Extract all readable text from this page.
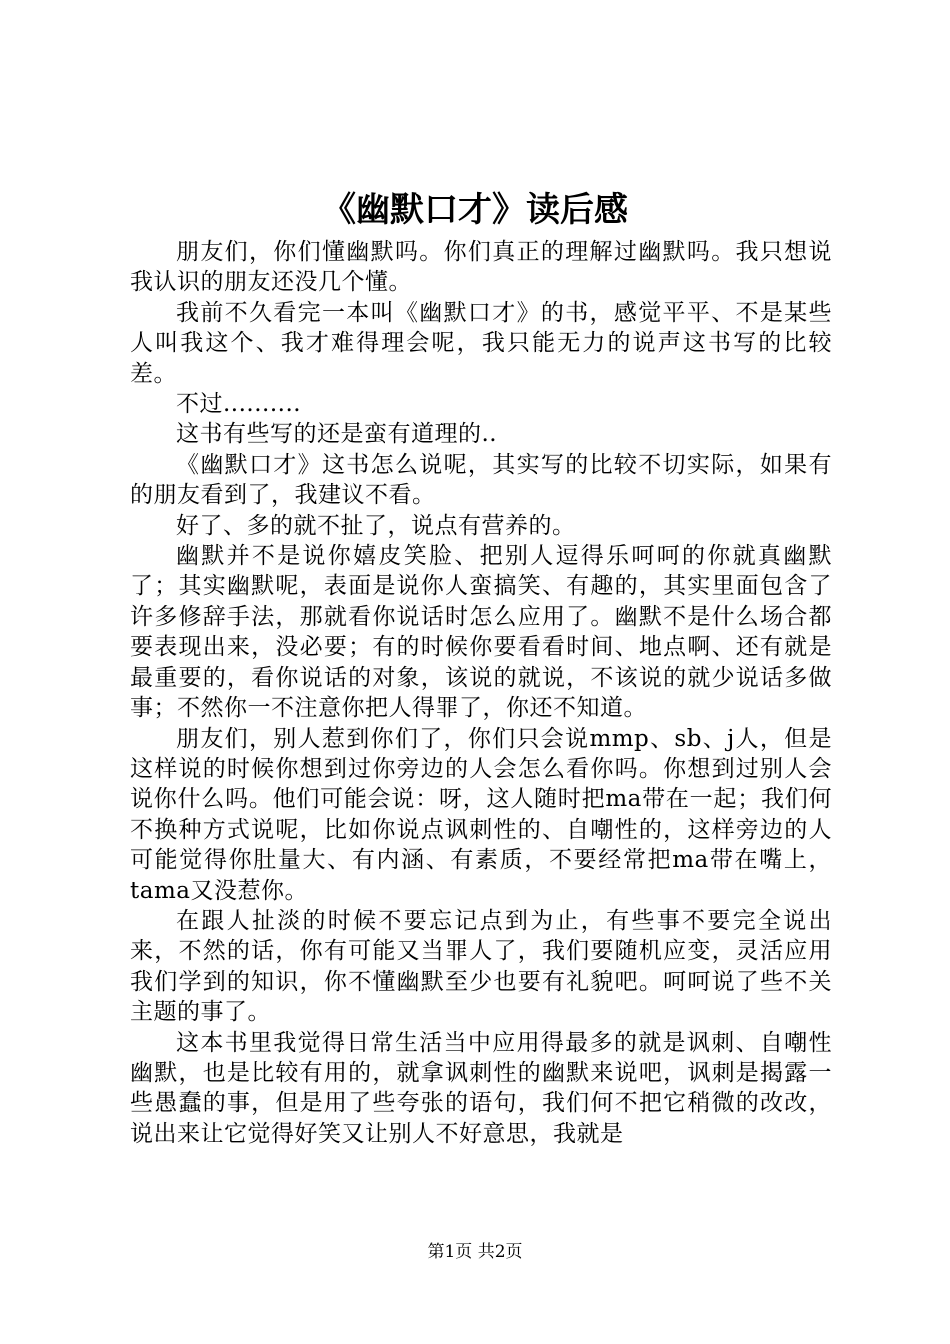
《幽默口才》读后感

朋友们，你们懂幽默吗。你们真正的理解过幽默吗。我只想说我认识的朋友还没几个懂。

我前不久看完一本叫《幽默口才》的书，感觉平平、不是某些人叫我这个、我才难得理会呢，我只能无力的说声这书写的比较差。

不过..........

这书有些写的还是蛮有道理的..

《幽默口才》这书怎么说呢，其实写的比较不切实际，如果有的朋友看到了，我建议不看。

好了、多的就不扯了，说点有营养的。

幽默并不是说你嬉皮笑脸、把别人逗得乐呵呵的你就真幽默了；其实幽默呢，表面是说你人蛮搞笑、有趣的，其实里面包含了许多修辞手法，那就看你说话时怎么应用了。幽默不是什么场合都要表现出来，没必要；有的时候你要看看时间、地点啊、还有就是最重要的，看你说话的对象，该说的就说，不该说的就少说话多做事；不然你一不注意你把人得罪了，你还不知道。

朋友们，别人惹到你们了，你们只会说mmp、sb、j人，但是这样说的时候你想到过你旁边的人会怎么看你吗。你想到过别人会说你什么吗。他们可能会说：呀，这人随时把ma带在一起；我们何不换种方式说呢，比如你说点讽刺性的、自嘲性的，这样旁边的人可能觉得你肚量大、有内涵、有素质，不要经常把ma带在嘴上，tama又没惹你。

在跟人扯淡的时候不要忘记点到为止，有些事不要完全说出来，不然的话，你有可能又当罪人了，我们要随机应变，灵活应用我们学到的知识，你不懂幽默至少也要有礼貌吧。呵呵说了些不关主题的事了。

这本书里我觉得日常生活当中应用得最多的就是讽刺、自嘲性幽默，也是比较有用的，就拿讽刺性的幽默来说吧，讽刺是揭露一些愚蠢的事，但是用了些夸张的语句，我们何不把它稍微的改改，说出来让它觉得好笑又让别人不好意思，我就是

第1页 共2页
